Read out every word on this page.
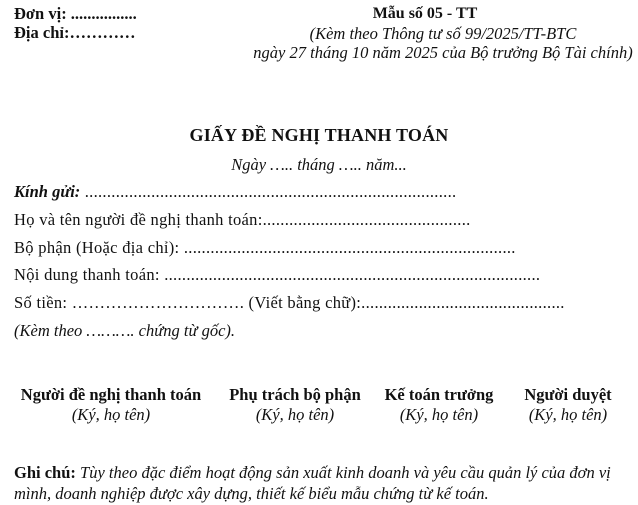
Đơn vị: ................
Địa chỉ:…………
Mẫu số 05 - TT
(Kèm theo Thông tư số 99/2025/TT-BTC
ngày 27 tháng 10 năm 2025 của Bộ trưởng Bộ Tài chính)
GIẤY ĐỀ NGHỊ THANH TOÁN
Ngày ….. tháng ….. năm...
Kính gửi: ....................................................................................
Họ và tên người đề nghị thanh toán:...............................................
Bộ phận (Hoặc địa chỉ): ...........................................................................
Nội dung thanh toán: .....................................................................................
Số tiền: …………………………. (Viết bằng chữ):..............................................
(Kèm theo ………. chứng từ gốc).
Người đề nghị thanh toán
(Ký, họ tên)
Phụ trách bộ phận
(Ký, họ tên)
Kế toán trưởng
(Ký, họ tên)
Người duyệt
(Ký, họ tên)
Ghi chú: Tùy theo đặc điểm hoạt động sản xuất kinh doanh và yêu cầu quản lý của đơn vị mình, doanh nghiệp được xây dựng, thiết kế biểu mẫu chứng từ kế toán.
